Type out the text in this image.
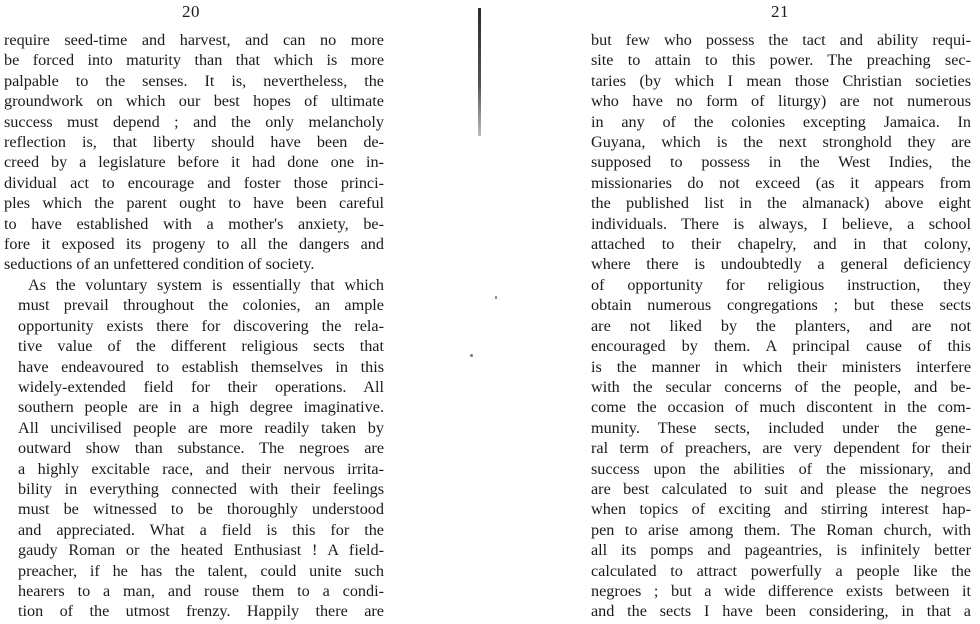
20	21
require seed-time and harvest, and can no more
be forced into maturity than that which is more
palpable to the senses. It is, nevertheless, the
groundwork on which our best hopes of ultimate
success must depend ; and the only melancholy
reflection is, that liberty should have been de-
creed by a legislature before it had done one in-
dividual act to encourage and foster those princi-
ples which the parent ought to have been careful
to have established with a mother's anxiety, be-
fore it exposed its progeny to all the dangers and
seductions of an unfettered condition of society.
As the voluntary system is essentially that which
must prevail throughout the colonies, an ample
opportunity exists there for discovering the rela-
tive value of the different religious sects that
have endeavoured to establish themselves in this
widely-extended field for their operations. All
southern people are in a high degree imaginative.
All uncivilised people are more readily taken by
outward show than substance. The negroes are
a highly excitable race, and their nervous irrita-
bility in everything connected with their feelings
must be witnessed to be thoroughly understood
and appreciated. What a field is this for the
gaudy Roman or the heated Enthusiast ! A field-
preacher, if he has the talent, could unite such
hearers to a man, and rouse them to a condi-
tion of the utmost frenzy. Happily there are
but few who possess the tact and ability requi-
site to attain to this power. The preaching sec-
taries (by which I mean those Christian societies
who have no form of liturgy) are not numerous
in any of the colonies excepting Jamaica. In
Guyana, which is the next stronghold they are
supposed to possess in the West Indies, the
missionaries do not exceed (as it appears from
the published list in the almanack) above eight
individuals. There is always, I believe, a school
attached to their chapelry, and in that colony,
where there is undoubtedly a general deficiency
of opportunity for religious instruction, they
obtain numerous congregations ; but these sects
are not liked by the planters, and are not
encouraged by them. A principal cause of this
is the manner in which their ministers interfere
with the secular concerns of the people, and be-
come the occasion of much discontent in the com-
munity. These sects, included under the gene-
ral term of preachers, are very dependent for their
success upon the abilities of the missionary, and
are best calculated to suit and please the negroes
when topics of exciting and stirring interest hap-
pen to arise among them. The Roman church, with
all its pomps and pageantries, is infinitely better
calculated to attract powerfully a people like the
negroes ; but a wide difference exists between it
and the sects I have been considering, in that a
